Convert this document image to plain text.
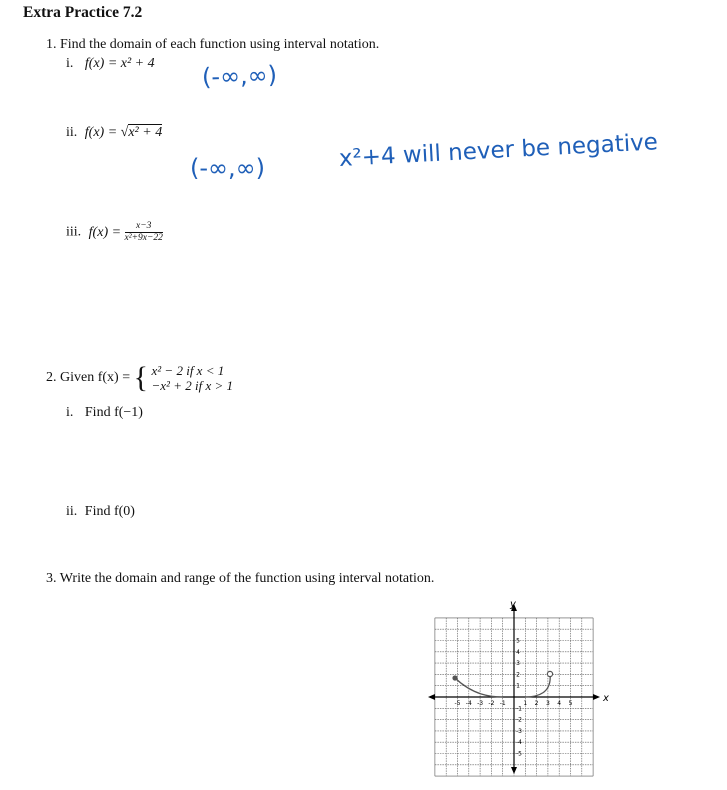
Extra Practice 7.2
1. Find the domain of each function using interval notation.
i. f(x) = x² + 4 (-∞,∞)
ii. f(x) = √x² + 4
(-∞,∞)	x²+4 will never be negative
iii. $f(x) = \frac{x-3}{\text{x²+9x−22}}$
2. Given f(x) = { x² − 2 if x < 1
−x² + 2 if x > 1
i. Find f(−1)
ii. Find f(0)
3. Write the domain and range of the function using interval notation.
x
y
-5 -4 -3 -2 -1	1 2 3 4 5
5
4
3
2
1
-1
-2
-3
-4
-5
